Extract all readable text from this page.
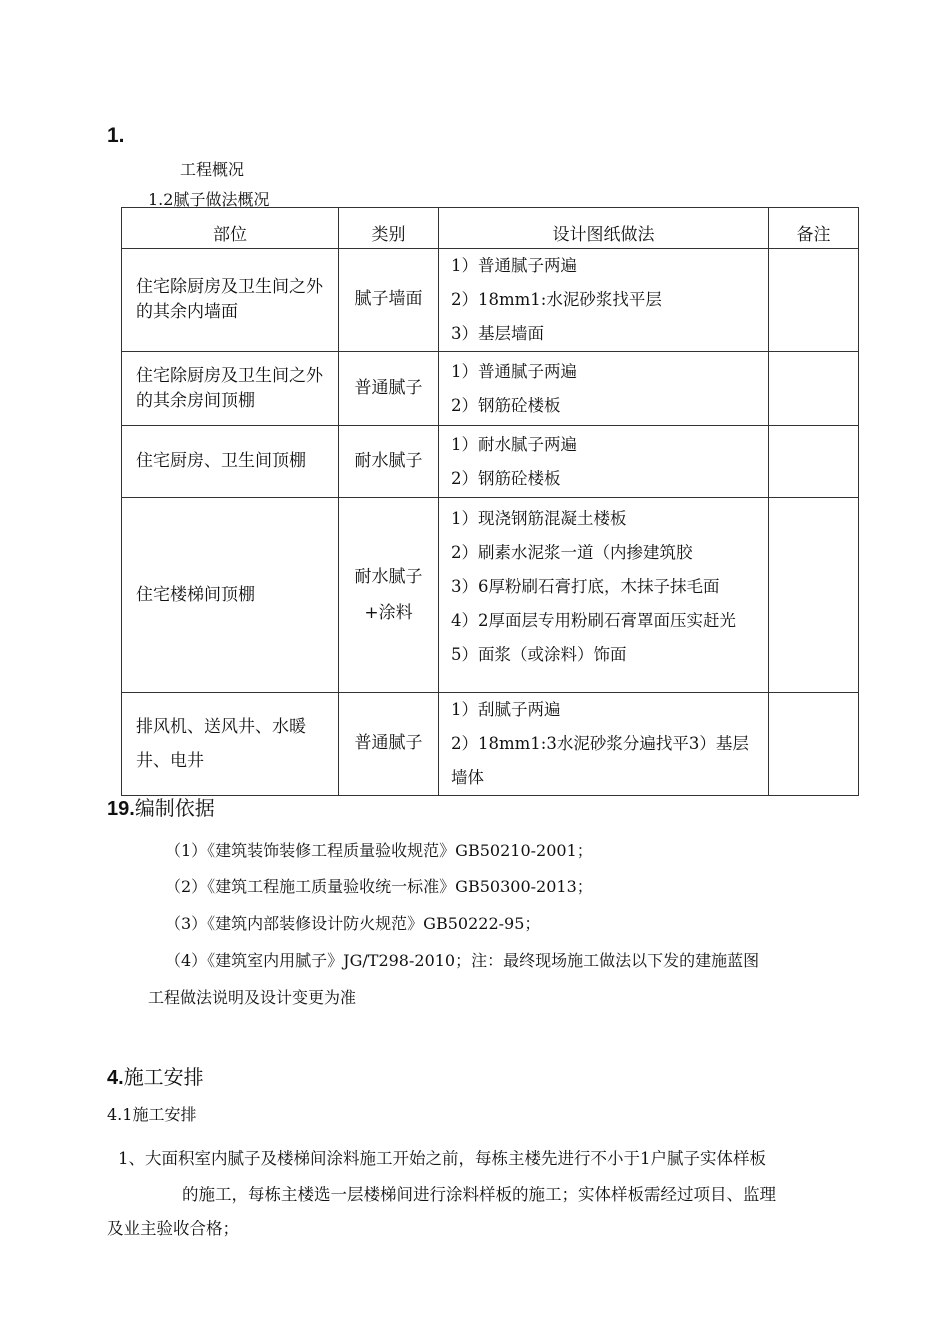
1.
工程概况
1.2腻子做法概况
部位	类别	设计图纸做法	备注
住宅除厨房及卫生间之外的其余内墙面	腻子墙面	1）普通腻子两遍
2）18mm1:水泥砂浆找平层
3）基层墙面	

住宅除厨房及卫生间之外的其余房间顶棚	普通腻子	1）普通腻子两遍
2）钢筋砼楼板	

住宅厨房、卫生间顶棚	耐水腻子	1）耐水腻子两遍
2）钢筋砼楼板	

住宅楼梯间顶棚	耐水腻子+涂料	1）现浇钢筋混凝土楼板
2）刷素水泥浆一道（内掺建筑胶
3）6厚粉刷石膏打底，木抹子抹毛面
4）2厚面层专用粉刷石膏罩面压实赶光
5）面浆（或涂料）饰面	

排风机、送风井、水暖井、电井	普通腻子	1）刮腻子两遍
2）18mm1:3水泥砂浆分遍找平3）基层墙体	

19.编制依据
（1）《建筑装饰装修工程质量验收规范》GB50210-2001；
（2）《建筑工程施工质量验收统一标准》GB50300-2013；
（3）《建筑内部装修设计防火规范》GB50222-95；
（4）《建筑室内用腻子》JG/T298-2010；注：最终现场施工做法以下发的建施蓝图
工程做法说明及设计变更为准
4.施工安排
4.1施工安排
1、大面积室内腻子及楼梯间涂料施工开始之前，每栋主楼先进行不小于1户腻子实体样板
的施工，每栋主楼选一层楼梯间进行涂料样板的施工；实体样板需经过项目、监理
及业主验收合格；
